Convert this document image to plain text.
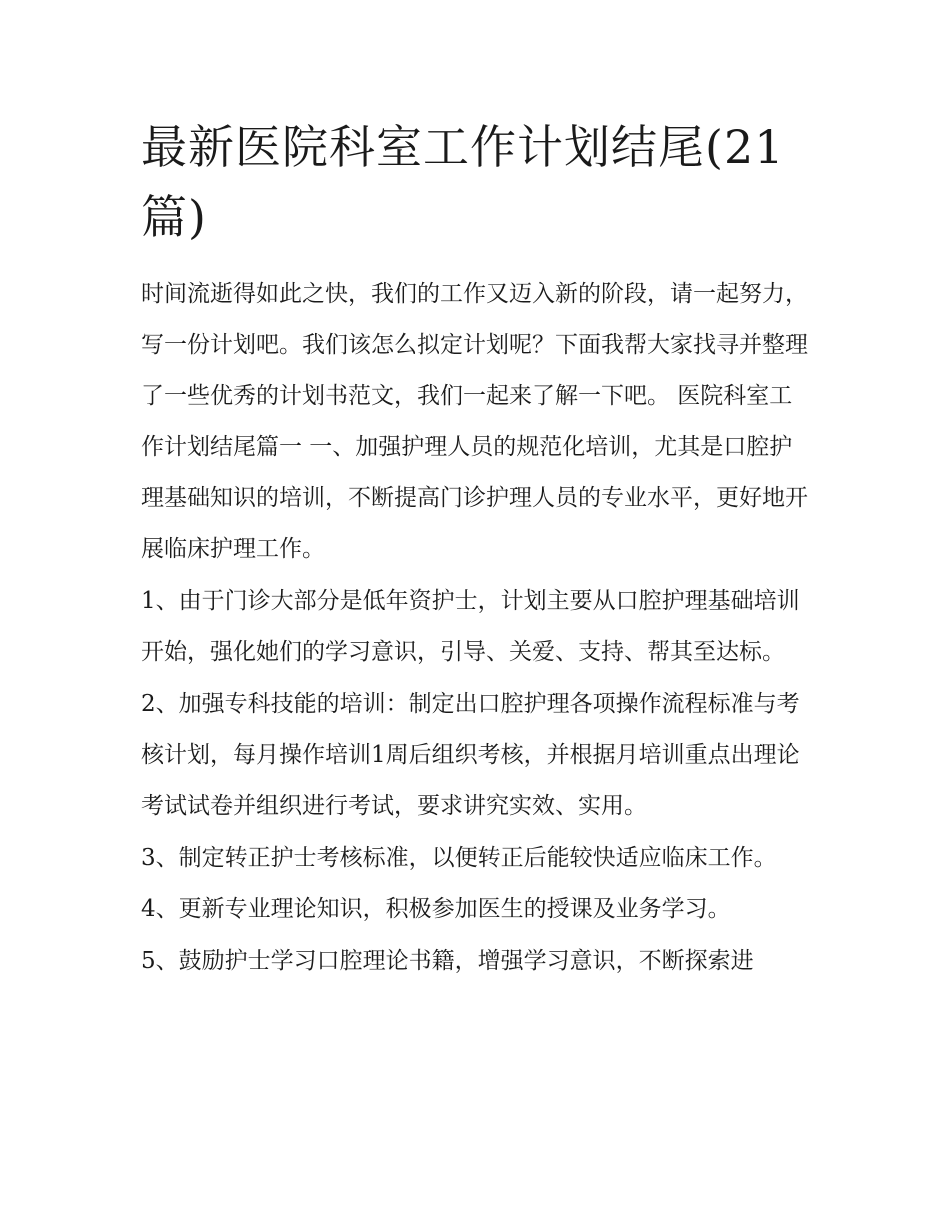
最新医院科室工作计划结尾(21篇)

时间流逝得如此之快，我们的工作又迈入新的阶段，请一起努力，写一份计划吧。我们该怎么拟定计划呢？下面我帮大家找寻并整理了一些优秀的计划书范文，我们一起来了解一下吧。 医院科室工作计划结尾篇一 一、加强护理人员的规范化培训，尤其是口腔护理基础知识的培训，不断提高门诊护理人员的专业水平，更好地开展临床护理工作。

1、由于门诊大部分是低年资护士，计划主要从口腔护理基础培训开始，强化她们的学习意识，引导、关爱、支持、帮其至达标。

2、加强专科技能的培训：制定出口腔护理各项操作流程标准与考核计划，每月操作培训1周后组织考核，并根据月培训重点出理论考试试卷并组织进行考试，要求讲究实效、实用。

3、制定转正护士考核标准，以便转正后能较快适应临床工作。 4、更新专业理论知识，积极参加医生的授课及业务学习。

5、鼓励护士学习口腔理论书籍，增强学习意识，不断探索进
